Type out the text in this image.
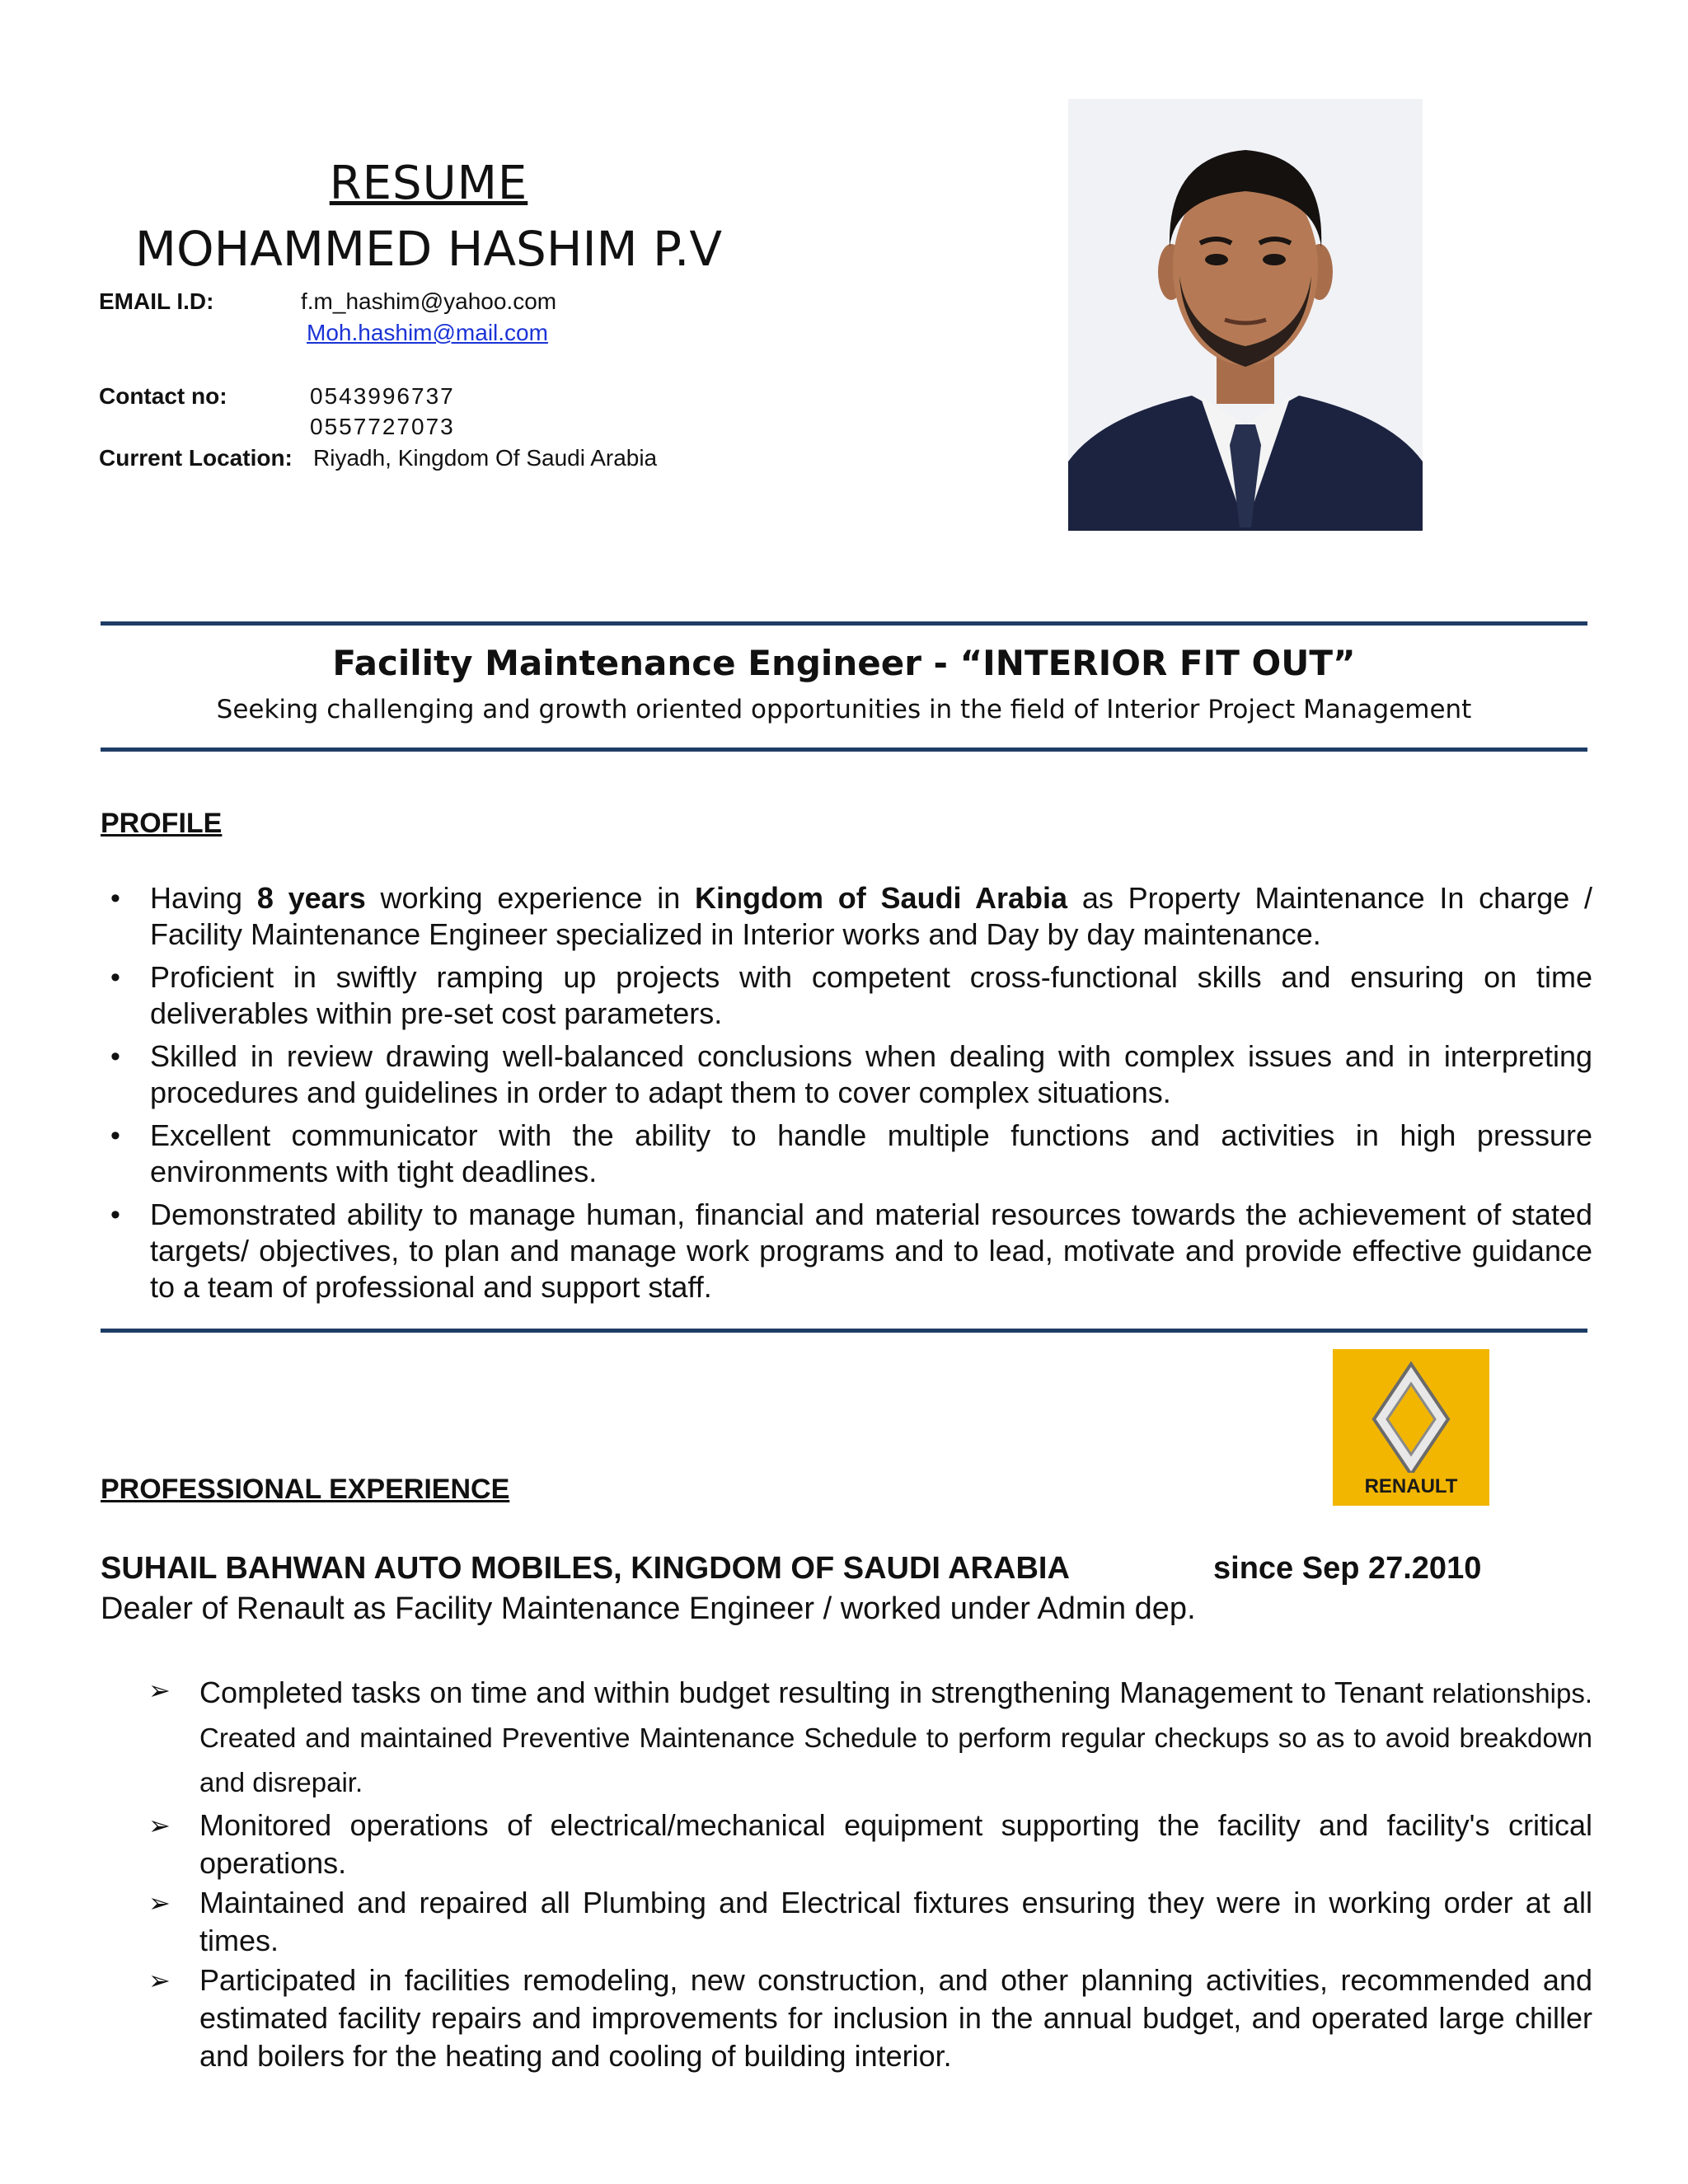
RESUME
MOHAMMED HASHIM P.V
EMAIL I.D:	f.m_hashim@yahoo.com
Moh.hashim@mail.com
Contact no:	0543996737
0557727073
Current Location: Riyadh, Kingdom Of Saudi Arabia
Facility Maintenance Engineer - “INTERIOR FIT OUT”
Seeking challenging and growth oriented opportunities in the field of Interior Project Management
PROFILE
• Having 8 years working experience in Kingdom of Saudi Arabia as Property Maintenance In charge / Facility Maintenance Engineer specialized in Interior works and Day by day maintenance.
• Proficient in swiftly ramping up projects with competent cross-functional skills and ensuring on time deliverables within pre-set cost parameters.
• Skilled in review drawing well-balanced conclusions when dealing with complex issues and in interpreting procedures and guidelines in order to adapt them to cover complex situations.
• Excellent communicator with the ability to handle multiple functions and activities in high pressure environments with tight deadlines.
• Demonstrated ability to manage human, financial and material resources towards the achievement of stated targets/ objectives, to plan and manage work programs and to lead, motivate and provide effective guidance to a team of professional and support staff.
RENAULT
PROFESSIONAL EXPERIENCE
SUHAIL BAHWAN AUTO MOBILES, KINGDOM OF SAUDI ARABIA	since Sep 27.2010
Dealer of Renault as Facility Maintenance Engineer / worked under Admin dep.
➢ Completed tasks on time and within budget resulting in strengthening Management to Tenant relationships. Created and maintained Preventive Maintenance Schedule to perform regular checkups so as to avoid breakdown and disrepair.
➢ Monitored operations of electrical/mechanical equipment supporting the facility and facility's critical operations.
➢ Maintained and repaired all Plumbing and Electrical fixtures ensuring they were in working order at all times.
➢ Participated in facilities remodeling, new construction, and other planning activities, recommended and estimated facility repairs and improvements for inclusion in the annual budget, and operated large chiller and boilers for the heating and cooling of building interior.
